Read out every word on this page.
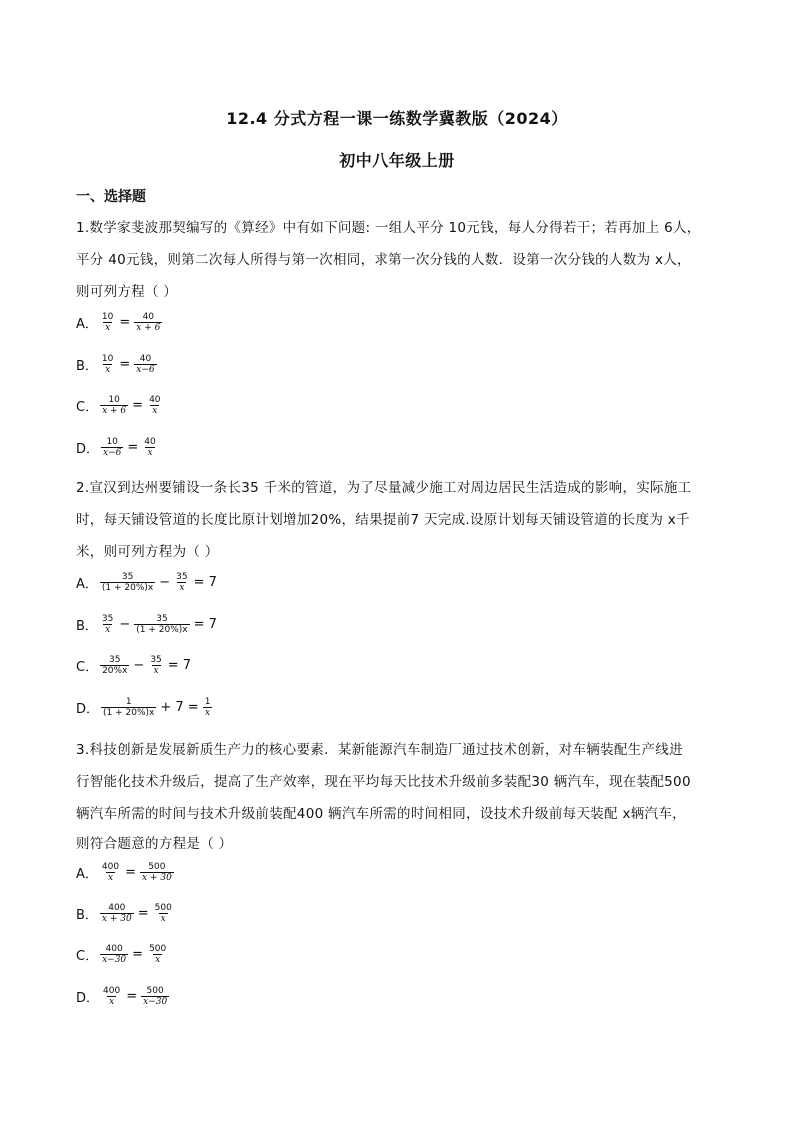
12.4 分式方程一课一练数学冀教版（2024）
初中八年级上册
一、选择题
1.数学家斐波那契编写的《算经》中有如下问题: 一组人平分 10元钱，每人分得若干；若再加上 6人，
平分 40元钱，则第二次每人所得与第一次相同，求第一次分钱的人数．设第一次分钱的人数为 x人，
则可列方程（ ）
A． $\frac{10}{x} = \frac{40}{x + 6}$
B． $\frac{10}{x} = \frac{40}{x-6}$
C． $\frac{10}{x + 6} = \frac{40}{x}$
D． $\frac{10}{x-6} = \frac{40}{x}$
2.宣汉到达州要铺设一条长35 千米的管道，为了尽量减少施工对周边居民生活造成的影响，实际施工
时，每天铺设管道的长度比原计划增加20%，结果提前7 天完成.设原计划每天铺设管道的长度为 x千
米，则可列方程为（ ）
A． $\frac{35}{(1 + 20\%)x} - \frac{35}{x} = 7$
B． $\frac{35}{x} - \frac{35}{(1 + 20\%)x} = 7$
C． $\frac{35}{20\%x} - \frac{35}{x} = 7$
D． $\frac{1}{(1 + 20\%)x} + 7 = \frac{1}{x}$
3.科技创新是发展新质生产力的核心要素．某新能源汽车制造厂通过技术创新，对车辆装配生产线进
行智能化技术升级后，提高了生产效率，现在平均每天比技术升级前多装配30 辆汽车，现在装配500
辆汽车所需的时间与技术升级前装配400 辆汽车所需的时间相同，设技术升级前每天装配 x辆汽车，
则符合题意的方程是（ ）
A． $\frac{400}{x} = \frac{500}{x + 30}$
B． $\frac{400}{x + 30} = \frac{500}{x}$
C． $\frac{400}{x-30} = \frac{500}{x}$
D． $\frac{400}{x} = \frac{500}{x-30}$
